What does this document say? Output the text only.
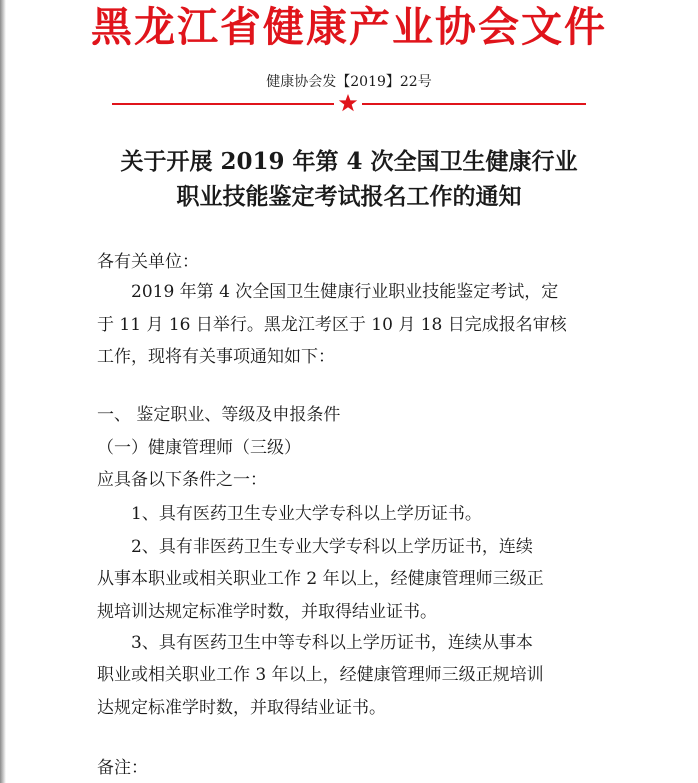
黑龙江省健康产业协会文件
健康协会发【2019】22号
关于开展 2019 年第 4 次全国卫生健康行业
职业技能鉴定考试报名工作的通知
各有关单位：
2019 年第 4 次全国卫生健康行业职业技能鉴定考试，定
于 11 月 16 日举行。黑龙江考区于 10 月 18 日完成报名审核
工作，现将有关事项通知如下：
一、 鉴定职业、等级及申报条件
（一）健康管理师（三级）
应具备以下条件之一：
1、具有医药卫生专业大学专科以上学历证书。
2、具有非医药卫生专业大学专科以上学历证书，连续
从事本职业或相关职业工作 2 年以上，经健康管理师三级正
规培训达规定标准学时数，并取得结业证书。
3、具有医药卫生中等专科以上学历证书，连续从事本
职业或相关职业工作 3 年以上，经健康管理师三级正规培训
达规定标准学时数，并取得结业证书。
备注：
